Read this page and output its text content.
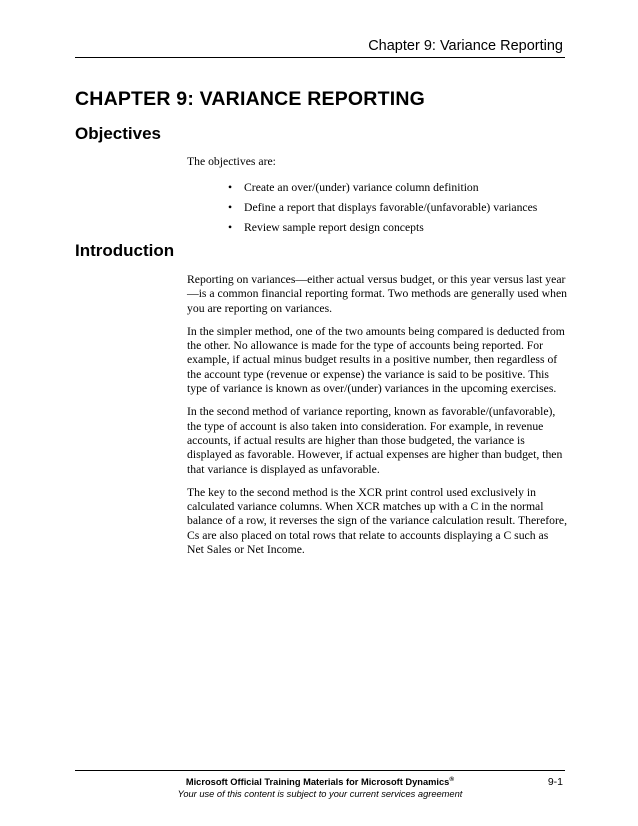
Chapter 9: Variance Reporting
CHAPTER 9: VARIANCE REPORTING
Objectives
The objectives are:
• Create an over/(under) variance column definition
• Define a report that displays favorable/(unfavorable) variances
• Review sample report design concepts
Introduction

Reporting on variances—either actual versus budget, or this year versus last year—is a common financial reporting format. Two methods are generally used when you are reporting on variances.

In the simpler method, one of the two amounts being compared is deducted from the other. No allowance is made for the type of accounts being reported. For example, if actual minus budget results in a positive number, then regardless of the account type (revenue or expense) the variance is said to be positive. This type of variance is known as over/(under) variances in the upcoming exercises.

In the second method of variance reporting, known as favorable/(unfavorable), the type of account is also taken into consideration. For example, in revenue accounts, if actual results are higher than those budgeted, the variance is displayed as favorable. However, if actual expenses are higher than budget, then that variance is displayed as unfavorable.

The key to the second method is the XCR print control used exclusively in calculated variance columns. When XCR matches up with a C in the normal balance of a row, it reverses the sign of the variance calculation result. Therefore, Cs are also placed on total rows that relate to accounts displaying a C such as Net Sales or Net Income.

Microsoft Official Training Materials for Microsoft Dynamics®
Your use of this content is subject to your current services agreement
9-1
